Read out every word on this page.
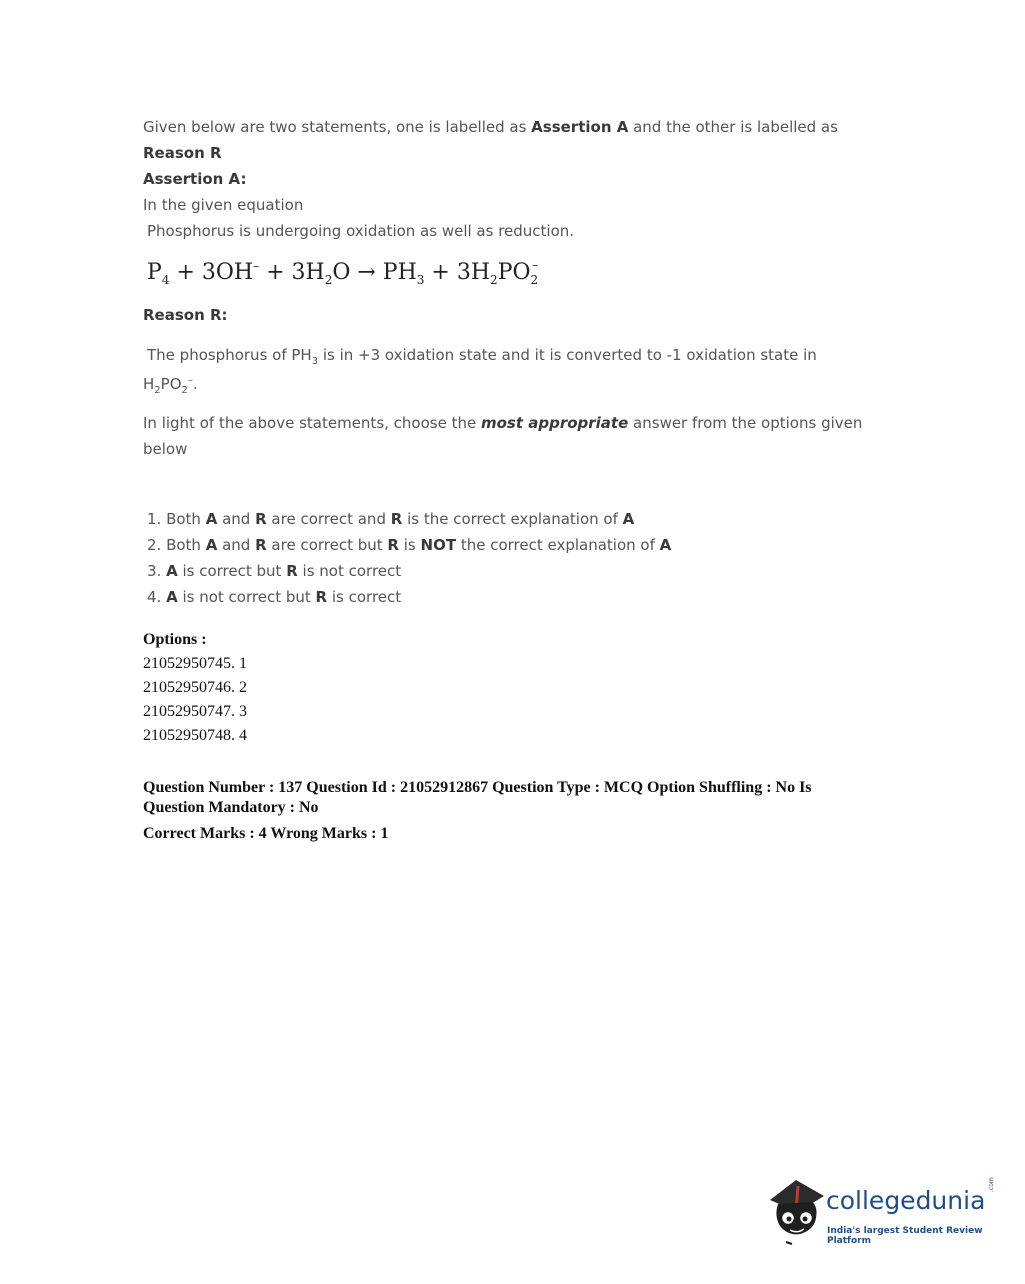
Given below are two statements, one is labelled as Assertion A and the other is labelled as
Reason R
Assertion A:
In the given equation
Phosphorus is undergoing oxidation as well as reduction.
$P_4 + 3OH^- + 3H_2O \to PH_3 + 3H_2PO_2$
–
Reason R:
The phosphorus of $PH_3$ is in +3 oxidation state and it is converted to -1 oxidation state in
$H_2PO_2^-$.
In light of the above statements, choose the most appropriate answer from the options given
below
1. Both A and R are correct and R is the correct explanation of A
2. Both A and R are correct but R is NOT the correct explanation of A
3. A is correct but R is not correct
4. A is not correct but R is correct
Options :
21052950745. 1
21052950746. 2
21052950747. 3
21052950748. 4
Question Number : 137 Question Id : 21052912867 Question Type : MCQ Option Shuffling : No Is
Question Mandatory : No
Correct Marks : 4 Wrong Marks : 1
collegedunia
.com
India's largest Student Review Platform
